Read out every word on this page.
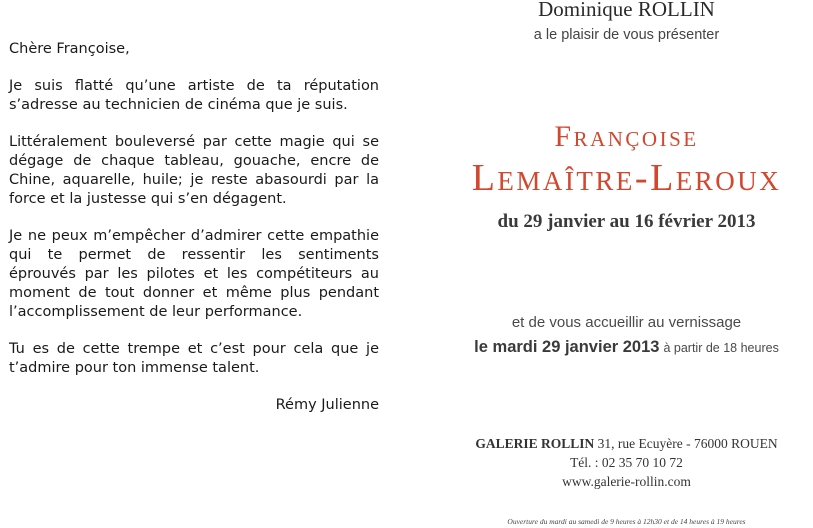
Chère Françoise,

Je suis flatté qu’une artiste de ta réputation s’adresse au technicien de cinéma que je suis.

Littéralement bouleversé par cette magie qui se dégage de chaque tableau, gouache, encre de Chine, aquarelle, huile; je reste abasourdi par la force et la justesse qui s’en dégagent.

Je ne peux m’empêcher d’admirer cette empathie qui te permet de ressentir les sentiments éprouvés par les pilotes et les compétiteurs au moment de tout donner et même plus pendant l’accomplissement de leur performance.

Tu es de cette trempe et c’est pour cela que je t’admire pour ton immense talent.

Rémy Julienne

Dominique ROLLIN
a le plaisir de vous présenter
Françoise
Lemaître-Leroux
du 29 janvier au 16 février 2013
et de vous accueillir au vernissage
le mardi 29 janvier 2013 à partir de 18 heures
GALERIE ROLLIN 31, rue Ecuyère - 76000 ROUEN
Tél. : 02 35 70 10 72
www.galerie-rollin.com
Ouverture du mardi au samedi de 9 heures à 12h30 et de 14 heures à 19 heures
